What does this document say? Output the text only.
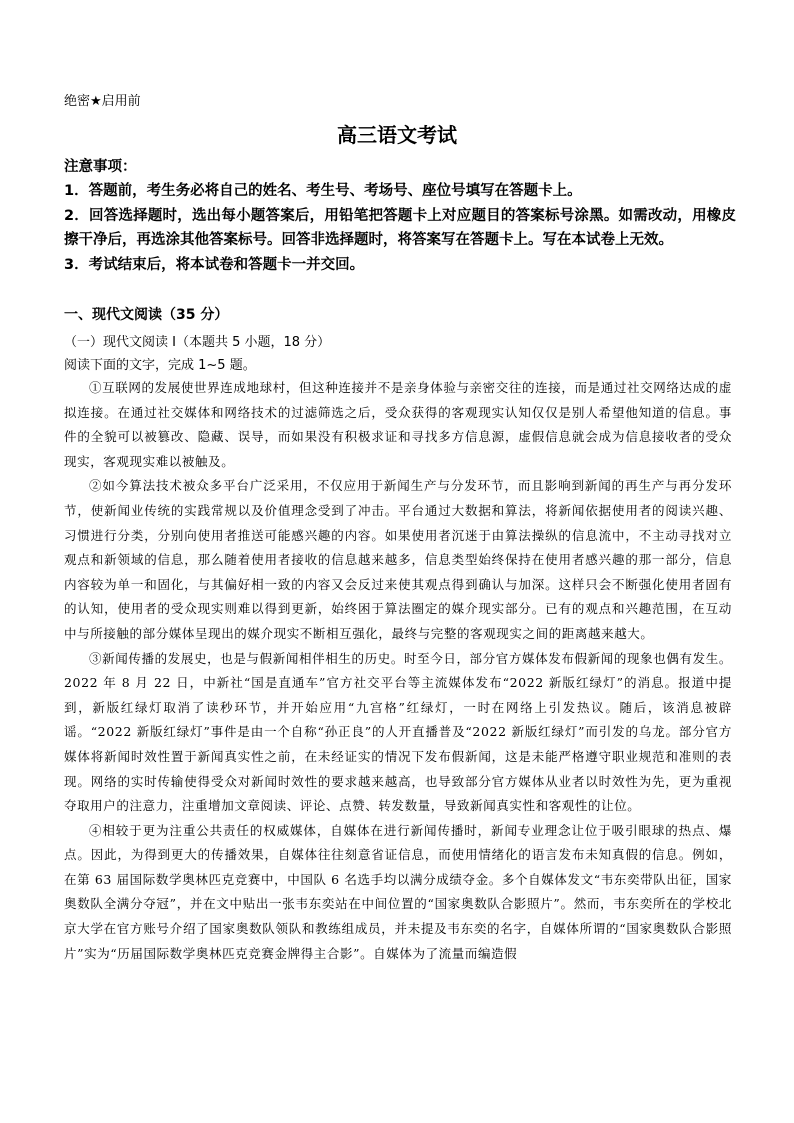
绝密★启用前
高三语文考试
注意事项：
1．答题前，考生务必将自己的姓名、考生号、考场号、座位号填写在答题卡上。
2．回答选择题时，选出每小题答案后，用铅笔把答题卡上对应题目的答案标号涂黑。如需改动，用橡皮擦干净后，再选涂其他答案标号。回答非选择题时，将答案写在答题卡上。写在本试卷上无效。
3．考试结束后，将本试卷和答题卡一并交回。
一、现代文阅读（35 分）
（一）现代文阅读 I（本题共 5 小题，18 分）
阅读下面的文字，完成 1~5 题。

①互联网的发展使世界连成地球村，但这种连接并不是亲身体验与亲密交往的连接，而是通过社交网络达成的虚拟连接。在通过社交媒体和网络技术的过滤筛选之后，受众获得的客观现实认知仅仅是别人希望他知道的信息。事件的全貌可以被篡改、隐藏、误导，而如果没有积极求证和寻找多方信息源，虚假信息就会成为信息接收者的受众现实，客观现实难以被触及。

②如今算法技术被众多平台广泛采用，不仅应用于新闻生产与分发环节，而且影响到新闻的再生产与再分发环节，使新闻业传统的实践常规以及价值理念受到了冲击。平台通过大数据和算法，将新闻依据使用者的阅读兴趣、习惯进行分类，分别向使用者推送可能感兴趣的内容。如果使用者沉迷于由算法操纵的信息流中，不主动寻找对立观点和新领域的信息，那么随着使用者接收的信息越来越多，信息类型始终保持在使用者感兴趣的那一部分，信息内容较为单一和固化，与其偏好相一致的内容又会反过来使其观点得到确认与加深。这样只会不断强化使用者固有的认知，使用者的受众现实则难以得到更新，始终困于算法圈定的媒介现实部分。已有的观点和兴趣范围，在互动中与所接触的部分媒体呈现出的媒介现实不断相互强化，最终与完整的客观现实之间的距离越来越大。

③新闻传播的发展史，也是与假新闻相伴相生的历史。时至今日，部分官方媒体发布假新闻的现象也偶有发生。2022 年 8 月 22 日，中新社“国是直通车”官方社交平台等主流媒体发布“2022 新版红绿灯”的消息。报道中提到，新版红绿灯取消了读秒环节，并开始应用“九宫格”红绿灯，一时在网络上引发热议。随后，该消息被辟谣。“2022 新版红绿灯”事件是由一个自称“孙正良”的人开直播普及“2022 新版红绿灯”而引发的乌龙。部分官方媒体将新闻时效性置于新闻真实性之前，在未经证实的情况下发布假新闻，这是未能严格遵守职业规范和准则的表现。网络的实时传输使得受众对新闻时效性的要求越来越高，也导致部分官方媒体从业者以时效性为先，更为重视夺取用户的注意力，注重增加文章阅读、评论、点赞、转发数量，导致新闻真实性和客观性的让位。

④相较于更为注重公共责任的权威媒体，自媒体在进行新闻传播时，新闻专业理念让位于吸引眼球的热点、爆点。因此，为得到更大的传播效果，自媒体往往刻意省证信息，而使用情绪化的语言发布未知真假的信息。例如，在第 63 届国际数学奥林匹克竞赛中，中国队 6 名选手均以满分成绩夺金。多个自媒体发文“韦东奕带队出征，国家奥数队全满分夺冠”，并在文中贴出一张韦东奕站在中间位置的“国家奥数队合影照片”。然而，韦东奕所在的学校北京大学在官方账号介绍了国家奥数队领队和教练组成员，并未提及韦东奕的名字，自媒体所谓的“国家奥数队合影照片”实为“历届国际数学奥林匹克竞赛金牌得主合影”。自媒体为了流量而编造假
